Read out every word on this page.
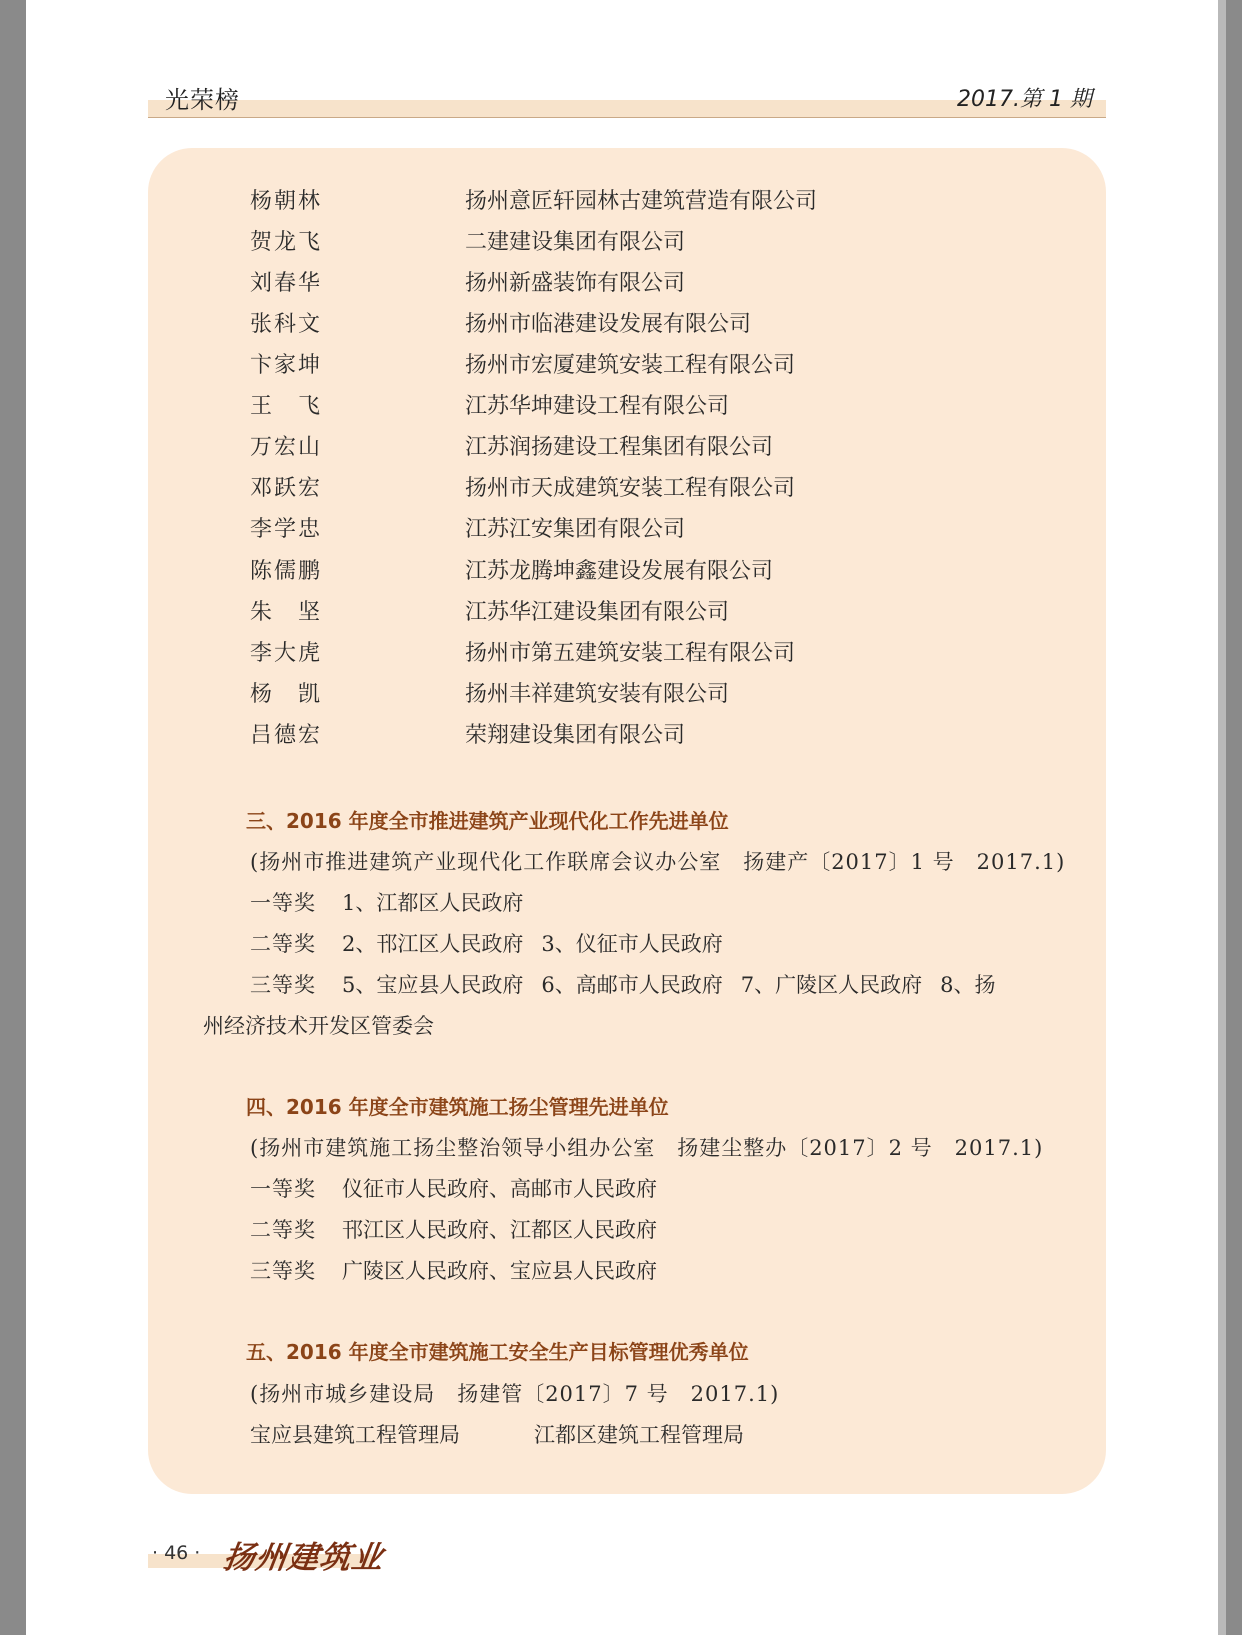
光荣榜	2017.第 1 期
杨朝林	扬州意匠轩园林古建筑营造有限公司
贺龙飞	二建建设集团有限公司
刘春华	扬州新盛装饰有限公司
张科文	扬州市临港建设发展有限公司
卞家坤	扬州市宏厦建筑安装工程有限公司
王　飞	江苏华坤建设工程有限公司
万宏山	江苏润扬建设工程集团有限公司
邓跃宏	扬州市天成建筑安装工程有限公司
李学忠	江苏江安集团有限公司
陈儒鹏	江苏龙腾坤鑫建设发展有限公司
朱　坚	江苏华江建设集团有限公司
李大虎	扬州市第五建筑安装工程有限公司
杨　凯	扬州丰祥建筑安装有限公司
吕德宏	荣翔建设集团有限公司
三、2016 年度全市推进建筑产业现代化工作先进单位
(扬州市推进建筑产业现代化工作联席会议办公室　扬建产〔2017〕1 号　2017.1)
一等奖 1、江都区人民政府
二等奖 2、邗江区人民政府 3、仪征市人民政府
三等奖 5、宝应县人民政府 6、高邮市人民政府 7、广陵区人民政府 8、扬
州经济技术开发区管委会
四、2016 年度全市建筑施工扬尘管理先进单位
(扬州市建筑施工扬尘整治领导小组办公室　扬建尘整办〔2017〕2 号　2017.1)
一等奖 仪征市人民政府、高邮市人民政府
二等奖 邗江区人民政府、江都区人民政府
三等奖 广陵区人民政府、宝应县人民政府
五、2016 年度全市建筑施工安全生产目标管理优秀单位
(扬州市城乡建设局　扬建管〔2017〕7 号　2017.1)
宝应县建筑工程管理局	江都区建筑工程管理局
· 46 · 扬州建筑业
